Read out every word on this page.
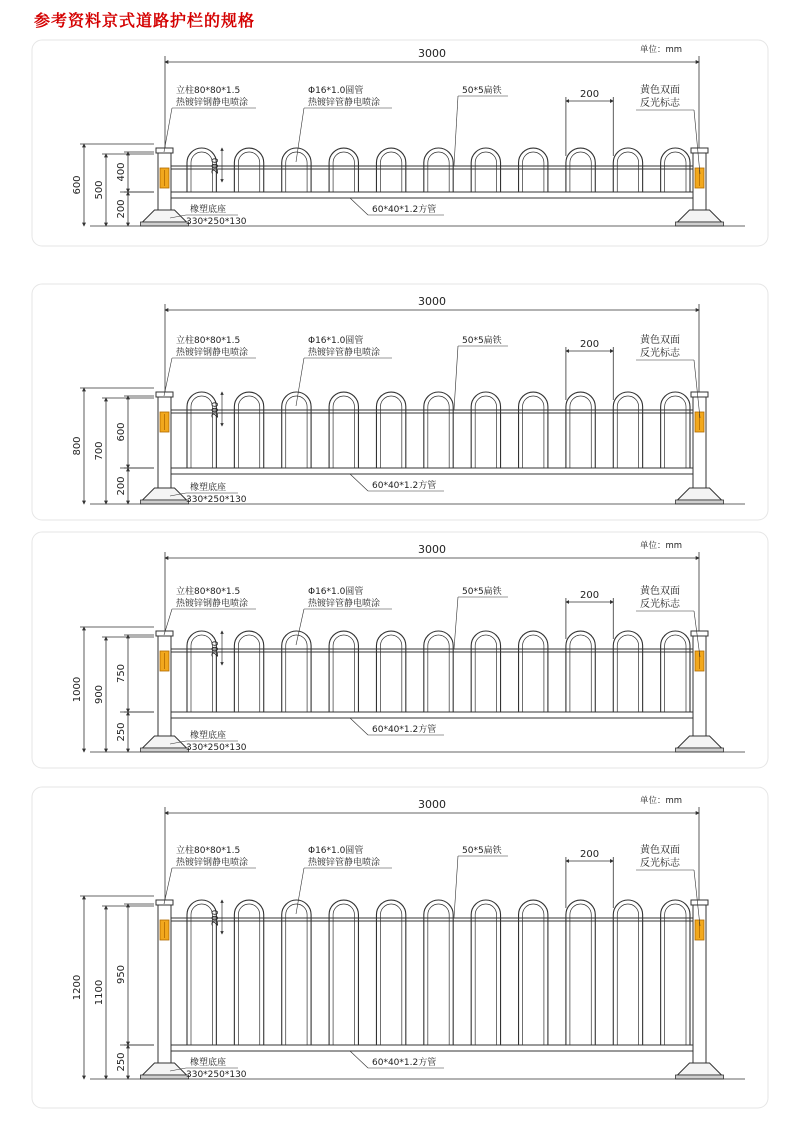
参考资料京式道路护栏的规格
3000	单位：mm
600 500
400
200
200
200
立柱80*80*1.5
热镀锌钢静电喷涂
Φ16*1.0圆管
热镀锌管静电喷涂
50*5扁铁	黄色双面
反光标志
60*40*1.2方管
橡塑底座
330*250*130
3000
800 700
600
200
200
200
立柱80*80*1.5
热镀锌钢静电喷涂
Φ16*1.0圆管
热镀锌管静电喷涂
50*5扁铁	黄色双面
反光标志
60*40*1.2方管
橡塑底座
330*250*130
3000	单位：mm
1000 900
750
250
200
200
立柱80*80*1.5
热镀锌钢静电喷涂
Φ16*1.0圆管
热镀锌管静电喷涂
50*5扁铁	黄色双面
反光标志
60*40*1.2方管
橡塑底座
330*250*130
3000	单位：mm
1200 1100
950
250
200
200
立柱80*80*1.5
热镀锌钢静电喷涂
Φ16*1.0圆管
热镀锌管静电喷涂
50*5扁铁	黄色双面
反光标志
60*40*1.2方管
橡塑底座
330*250*130
